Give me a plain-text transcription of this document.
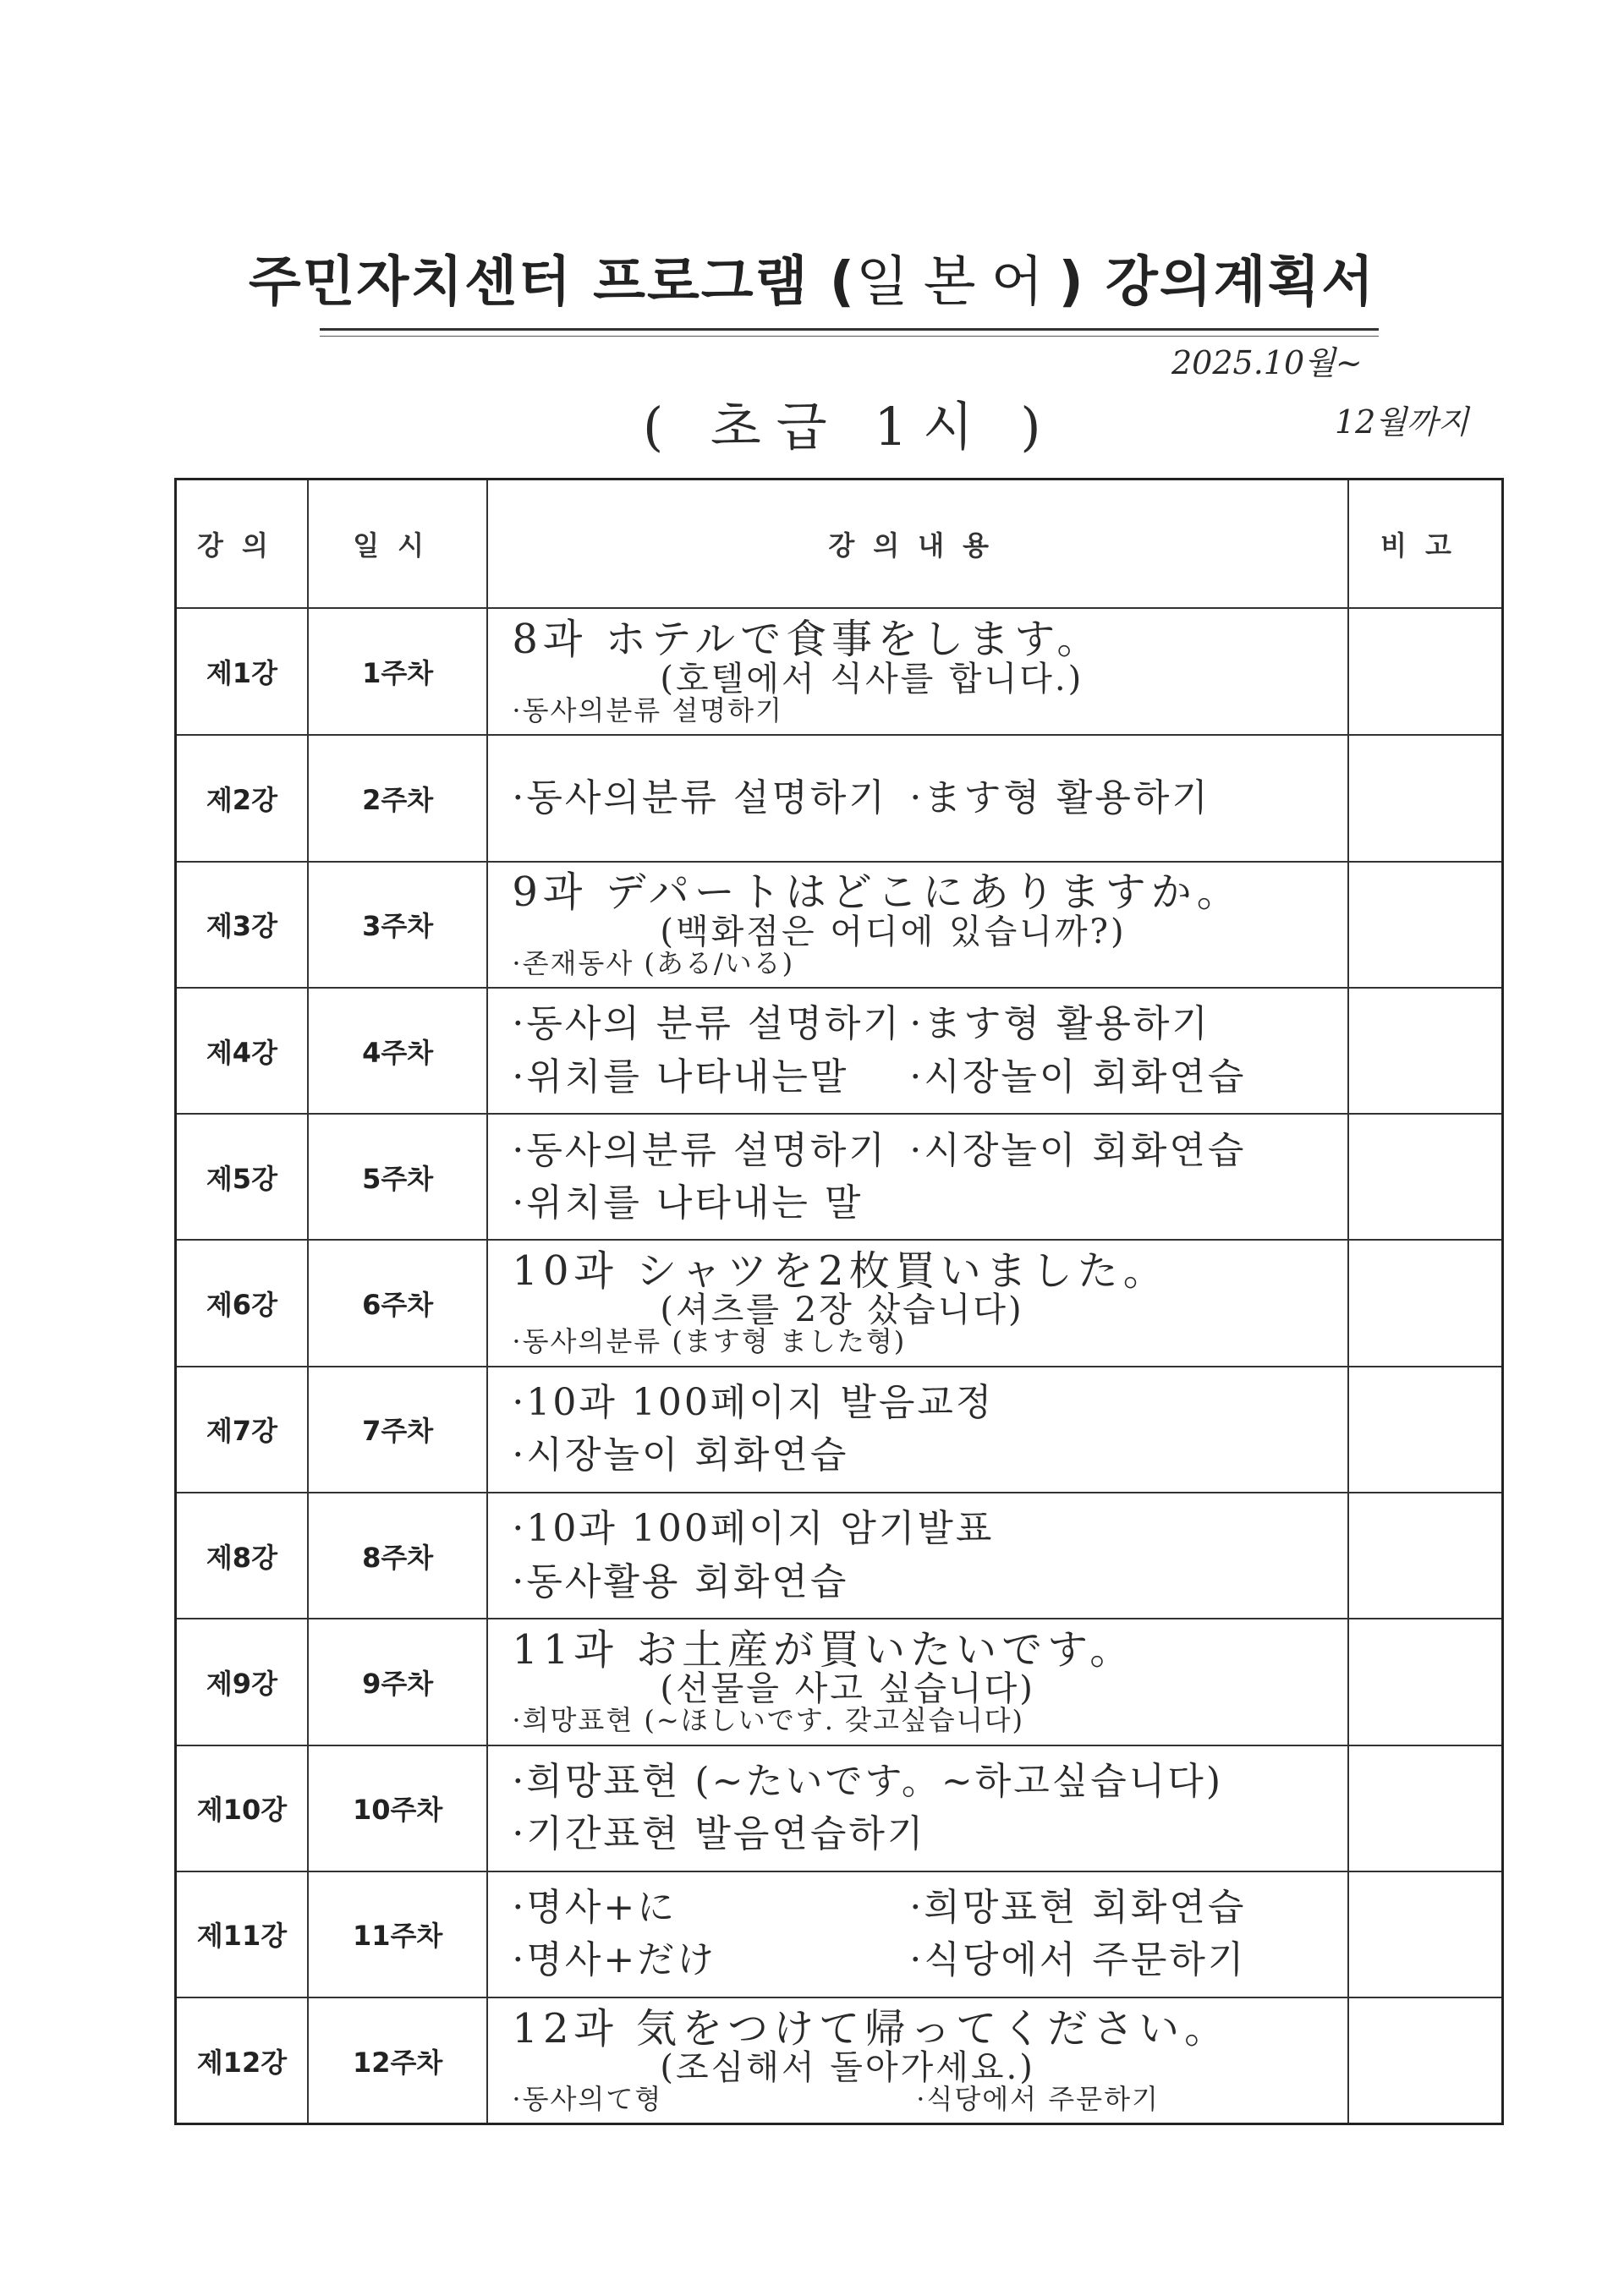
주민자치센터 프로그램 (일본어) 강의계획서
2025.10월~
12월까지
( 초급 1시 )
강의	일시	강의내용	비고
제1강	1주차	8과 ホテルで食事をします。
(호텔에서 식사를 합니다.)
·동사의분류 설명하기	

제2강	2주차	·동사의분류 설명하기 ·ます형 활용하기	

제3강	3주차	9과 デパートはどこにありますか。
(백화점은 어디에 있습니까?)
·존재동사 (ある/いる)	

제4강	4주차	·동사의 분류 설명하기 ·ます형 활용하기
·위치를 나타내는말 ·시장놀이 회화연습	

제5강	5주차	·동사의분류 설명하기 ·시장놀이 회화연습
·위치를 나타내는 말	

제6강	6주차	10과 シャツを2枚買いました。
(셔츠를 2장 샀습니다)
·동사의분류 (ます형 ました형)	

제7강	7주차	·10과 100페이지 발음교정
·시장놀이 회화연습	

제8강	8주차	·10과 100페이지 암기발표
·동사활용 회화연습	

제9강	9주차	11과 お土産が買いたいです。
(선물을 사고 싶습니다)
·희망표현 (~ほしいです. 갖고싶습니다)	

제10강	10주차	·희망표현 (~たいです。~하고싶습니다)
·기간표현 발음연습하기	

제11강	11주차	·명사+に ·희망표현 회화연습
·명사+だけ ·식당에서 주문하기	

제12강	12주차	12과 気をつけて帰ってください。
(조심해서 돌아가세요.)
·동사의て형 ·식당에서 주문하기	
